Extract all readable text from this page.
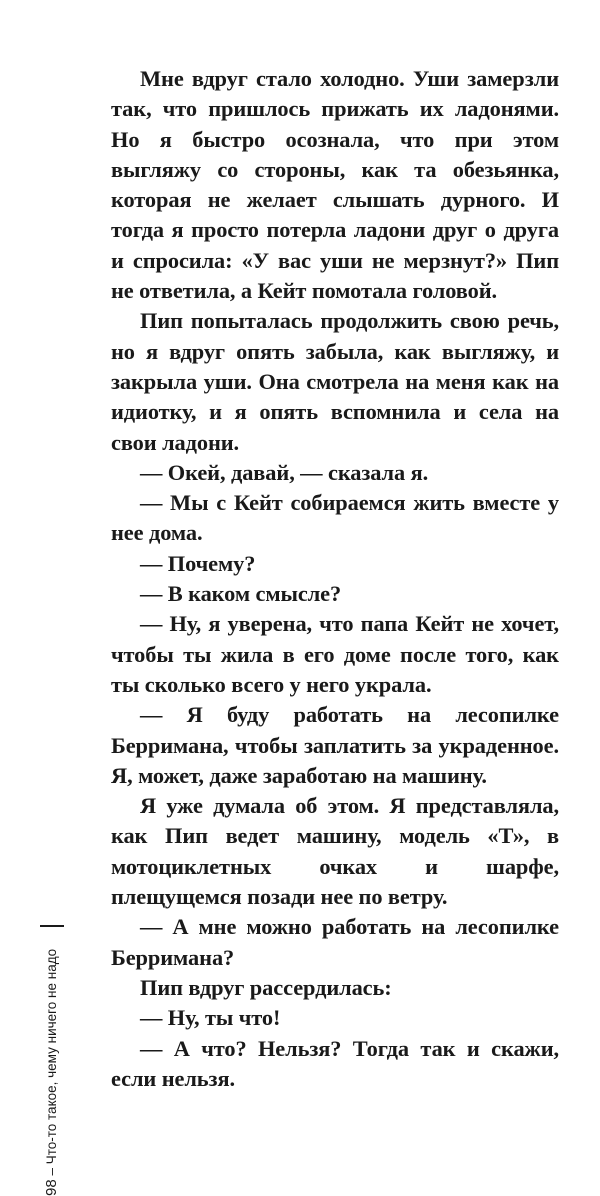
Мне вдруг стало холодно. Уши замерзли так, что пришлось прижать их ладонями. Но я быстро осознала, что при этом выгляжу со стороны, как та обезьянка, которая не желает слышать дурного. И тогда я просто потерла ладони друг о друга и спросила: «У вас уши не мерзнут?» Пип не ответила, а Кейт помотала головой.

Пип попыталась продолжить свою речь, но я вдруг опять забыла, как выгляжу, и закрыла уши. Она смотрела на меня как на идиотку, и я опять вспомнила и села на свои ладони.

— Окей, давай, — сказала я.

— Мы с Кейт собираемся жить вместе у нее дома.

— Почему?

— В каком смысле?

— Ну, я уверена, что папа Кейт не хочет, чтобы ты жила в его доме после того, как ты сколько всего у него украла.

— Я буду работать на лесопилке Берримана, чтобы заплатить за украденное. Я, может, даже заработаю на машину.

Я уже думала об этом. Я представляла, как Пип ведет машину, модель «Т», в мотоциклетных очках и шарфе, плещущемся позади нее по ветру.

— А мне можно работать на лесопилке Берримана?

Пип вдруг рассердилась:

— Ну, ты что!

— А что? Нельзя? Тогда так и скажи, если нельзя.

98 – Что-то такое, чему ничего не надо
